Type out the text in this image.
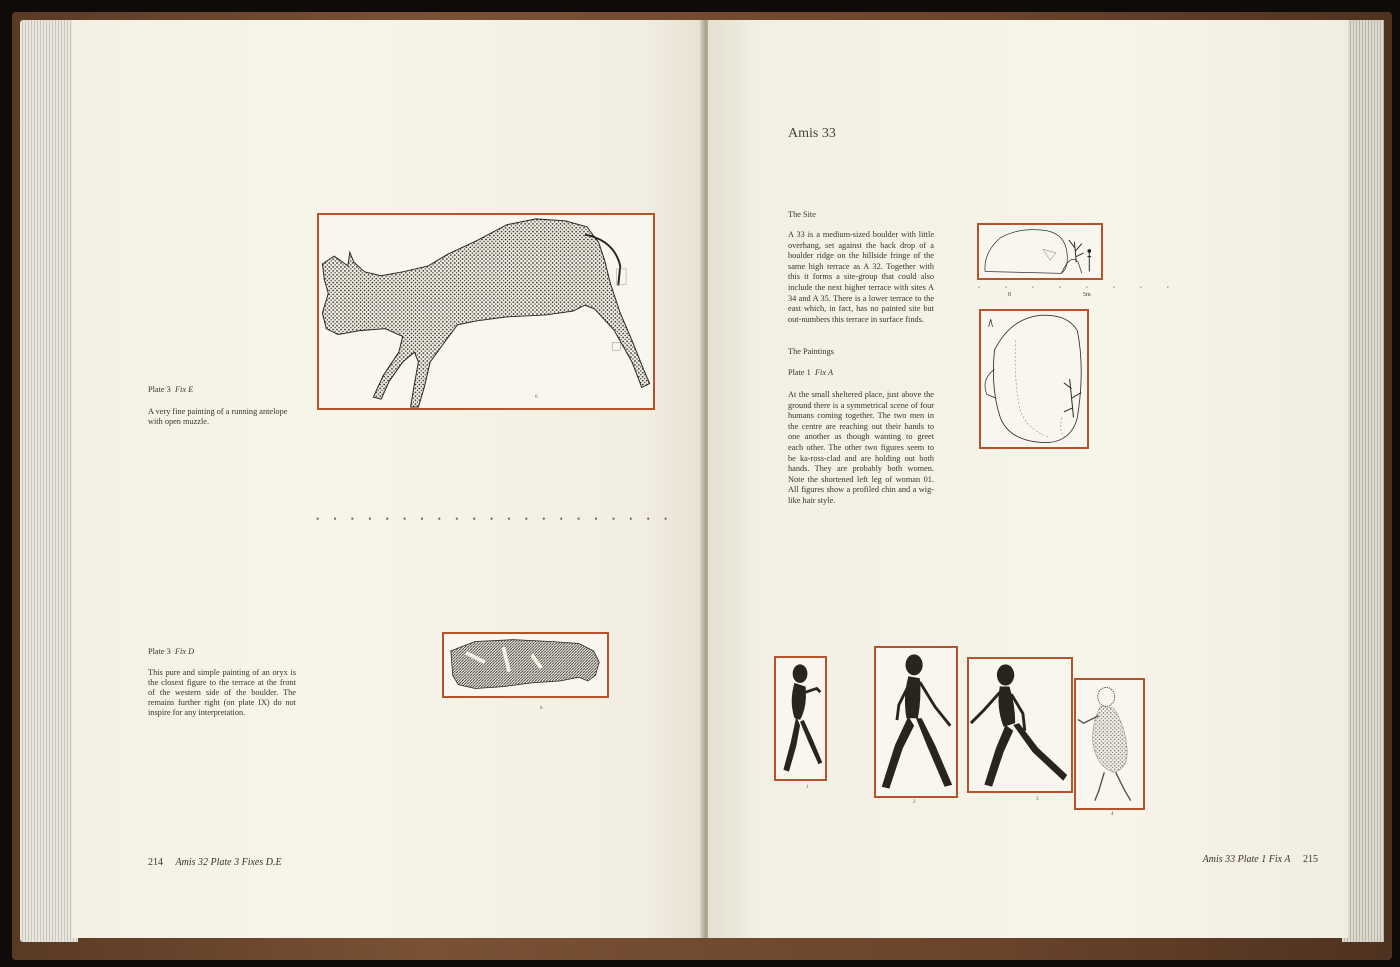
6

Plate 3 Fix E

A very fine painting of a running antelope with open muzzle.

• • • • • • • • • • • • • • • • • • • • •
b

Plate 3 Fix D

This pure and simple painting of an oryx is the closest figure to the terrace at the front of the western side of the boulder. The remains further right (on plate IX) do not inspire for any interpretation.

214 Amis 32 Plate 3 Fixes D.E

Amis 33

The Site

A 33 is a medium-sized boulder with little overhang, set against the back drop of a boulder ridge on the hillside fringe of the same high terrace as A 32. Together with this it forms a site-group that could also include the next higher terrace with sites A 34 and A 35. There is a lower terrace to the east which, in fact, has no painted site but out-numbers this terrace in surface finds.

The Paintings

Plate 1 Fix A

At the small sheltered place, just above the ground there is a symmetrical scene of four humans coming together. The two men in the centre are reaching out their hands to one another as though wanting to greet each other. The other two figures seem to be ka-ross-clad and are holding out both hands. They are probably both women. Note the shortened left leg of woman 01. All figures show a profiled chin and a wig-like hair style.

0

• • • • • • • •

5m

1
2
3
4

Amis 33 Plate 1 Fix A 215
